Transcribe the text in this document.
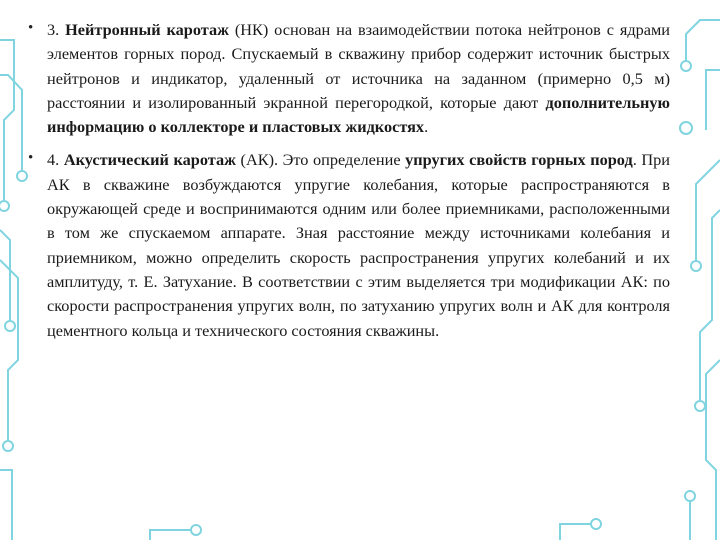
• 3. Нейтронный каротаж (НК) основан на взаимодействии потока нейтронов с ядрами элементов горных пород. Спускаемый в скважину прибор содержит источник быстрых нейтронов и индикатор, удаленный от источника на заданном (примерно 0,5 м) расстоянии и изолированный экранной перегородкой, которые дают дополнительную информацию о коллекторе и пластовых жидкостях.

• 4. Акустический каротаж (АК). Это определение упругих свойств горных пород. При АК в скважине возбуждаются упругие колебания, которые распространяются в окружающей среде и воспринимаются одним или более приемниками, расположенными в том же спускаемом аппарате. Зная расстояние между источниками колебания и приемником, можно определить скорость распространения упругих колебаний и их амплитуду, т. Е. Затухание. В соответствии с этим выделяется три модификации АК: по скорости распространения упругих волн, по затуханию упругих волн и АК для контроля цементного кольца и технического состояния скважины.
